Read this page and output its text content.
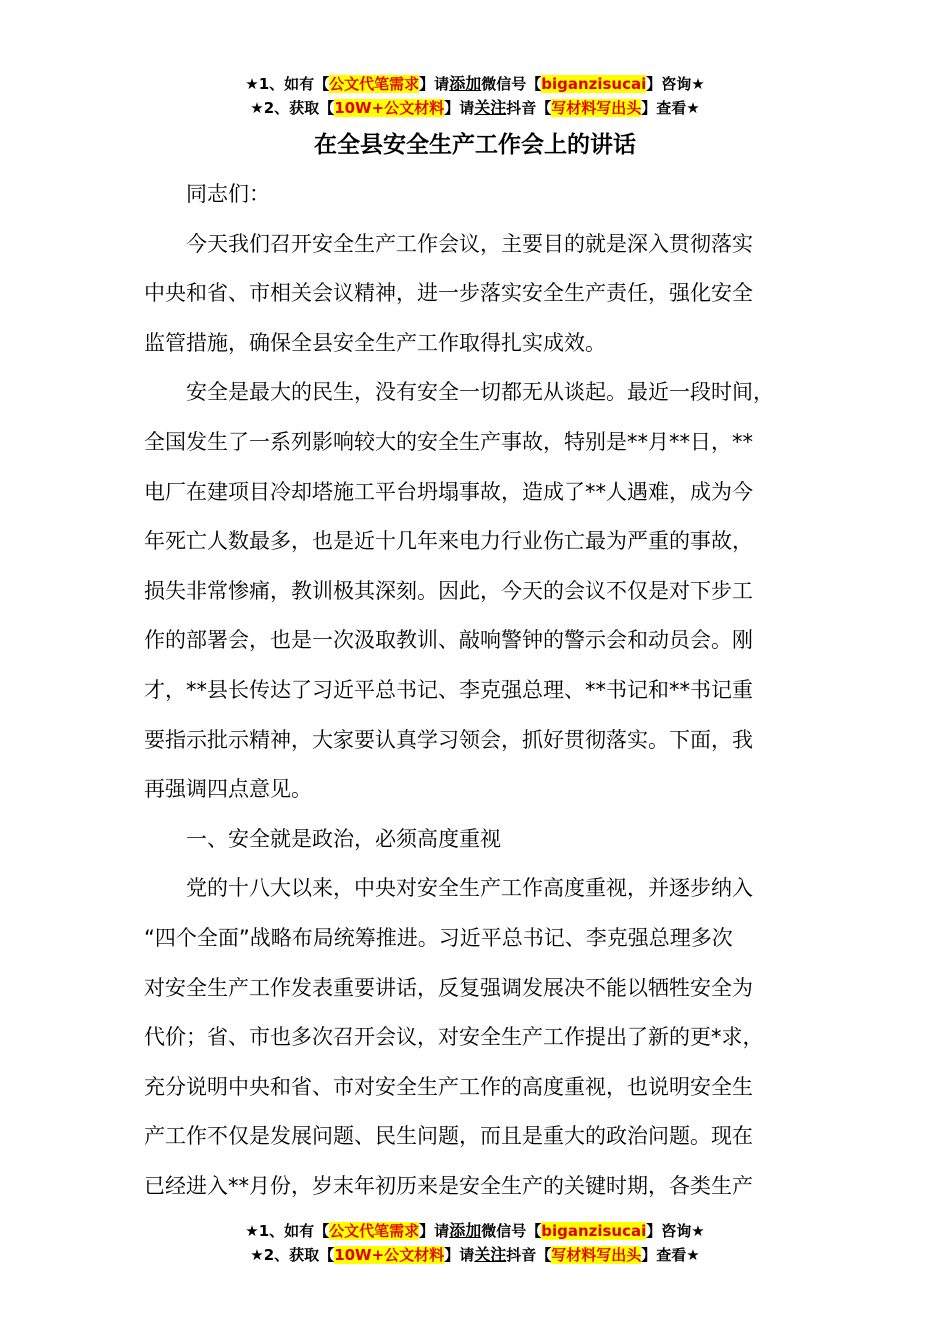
★1、如有【公文代笔需求】请添加微信号【biganzisucai】咨询★
★2、获取【10W+公文材料】请关注抖音【写材料写出头】查看★
在全县安全生产工作会上的讲话

同志们：

今天我们召开安全生产工作会议，主要目的就是深入贯彻落实

中央和省、市相关会议精神，进一步落实安全生产责任，强化安全

监管措施，确保全县安全生产工作取得扎实成效。

安全是最大的民生，没有安全一切都无从谈起。最近一段时间，

全国发生了一系列影响较大的安全生产事故，特别是**月**日，**

电厂在建项目冷却塔施工平台坍塌事故，造成了**人遇难，成为今

年死亡人数最多，也是近十几年来电力行业伤亡最为严重的事故，

损失非常惨痛，教训极其深刻。因此，今天的会议不仅是对下步工

作的部署会，也是一次汲取教训、敲响警钟的警示会和动员会。刚

才，**县长传达了习近平总书记、李克强总理、**书记和**书记重

要指示批示精神，大家要认真学习领会，抓好贯彻落实。下面，我

再强调四点意见。

一、安全就是政治，必须高度重视

党的十八大以来，中央对安全生产工作高度重视，并逐步纳入

“四个全面”战略布局统筹推进。习近平总书记、李克强总理多次

对安全生产工作发表重要讲话，反复强调发展决不能以牺牲安全为

代价；省、市也多次召开会议，对安全生产工作提出了新的更*求，

充分说明中央和省、市对安全生产工作的高度重视，也说明安全生

产工作不仅是发展问题、民生问题，而且是重大的政治问题。现在

已经进入**月份，岁末年初历来是安全生产的关键时期，各类生产

★1、如有【公文代笔需求】请添加微信号【biganzisucai】咨询★
★2、获取【10W+公文材料】请关注抖音【写材料写出头】查看★
